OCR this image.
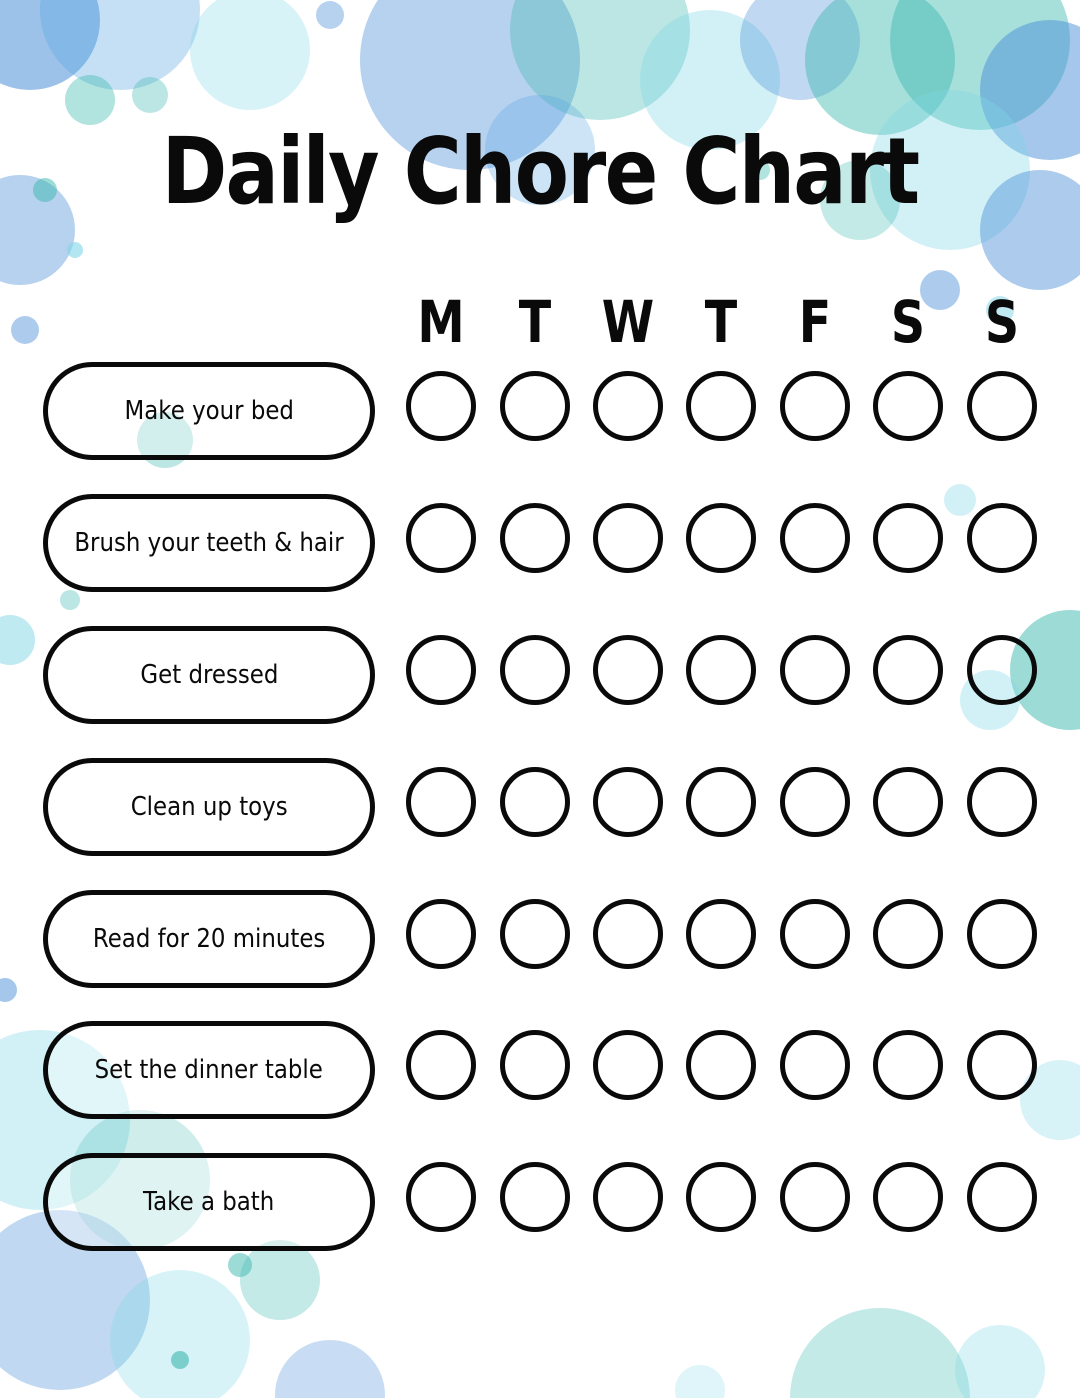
Daily Chore Chart
M T W T F S S
Make your bed
Brush your teeth & hair
Get dressed
Clean up toys
Read for 20 minutes
Set the dinner table
Take a bath
